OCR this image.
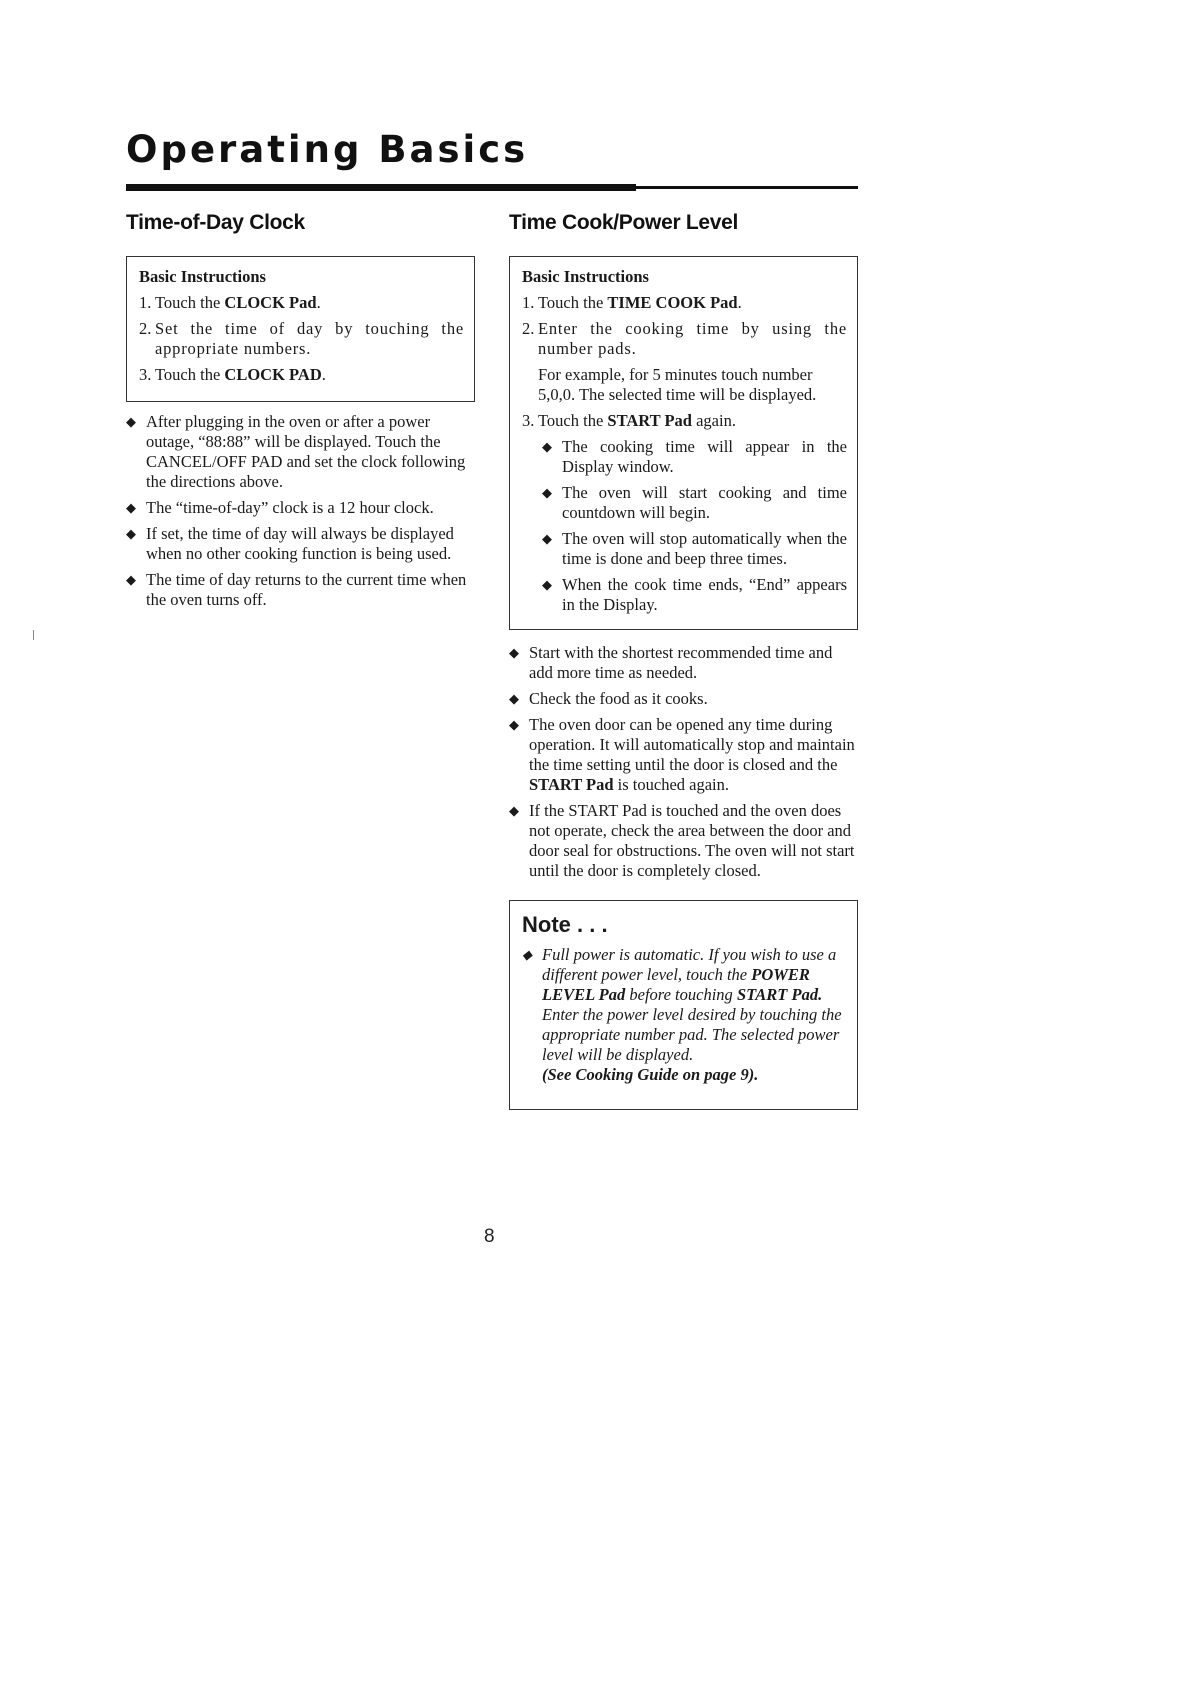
Operating Basics
Time-of-Day Clock
Basic Instructions
1. Touch the CLOCK Pad.
2. Set the time of day by touching the appropriate numbers.
3. Touch the CLOCK PAD.
◆ After plugging in the oven or after a power outage, “88:88” will be displayed. Touch the CANCEL/OFF PAD and set the clock following the directions above.
◆ The “time-of-day” clock is a 12 hour clock.
◆ If set, the time of day will always be displayed when no other cooking function is being used.
◆ The time of day returns to the current time when the oven turns off.
Time Cook/Power Level
Basic Instructions
1. Touch the TIME COOK Pad.
2. Enter the cooking time by using the number pads.

For example, for 5 minutes touch number 5,0,0. The selected time will be displayed.

3. Touch the START Pad again.
◆ The cooking time will appear in the Display window.
◆ The oven will start cooking and time countdown will begin.
◆ The oven will stop automatically when the time is done and beep three times.
◆ When the cook time ends, “End” appears in the Display.
◆ Start with the shortest recommended time and add more time as needed.
◆ Check the food as it cooks.
◆ The oven door can be opened any time during operation. It will automatically stop and maintain the time setting until the door is closed and the START Pad is touched again.
◆ If the START Pad is touched and the oven does not operate, check the area between the door and door seal for obstructions. The oven will not start until the door is completely closed.
Note . . .
◆ Full power is automatic. If you wish to use a different power level, touch the POWER LEVEL Pad before touching START Pad. Enter the power level desired by touching the appropriate number pad. The selected power level will be displayed.

(See Cooking Guide on page 9).

8
